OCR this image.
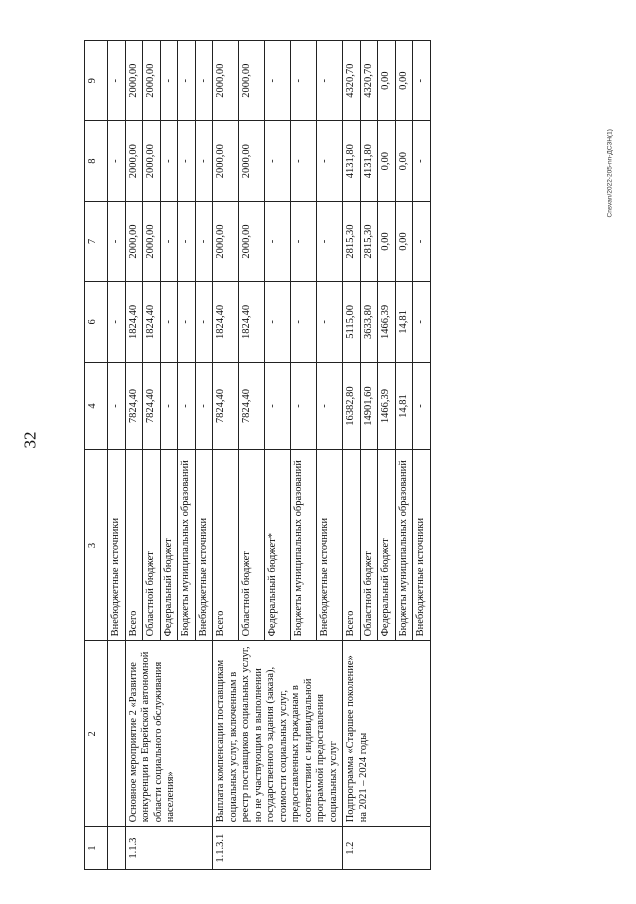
32
Cnsvan/2022-205-nn-ДСЗН(1)
1	2	3	4	6	7	8	9
		Внебюджетные источники	-	-	-	-	-
1.1.3	Основное мероприятие 2 «Развитие конкуренции в Еврейской автономной области социального обслуживания населения»	Всего	7824,40	1824,40	2000,00	2000,00	2000,00
		Областной бюджет	7824,40	1824,40	2000,00	2000,00	2000,00
		Федеральный бюджет	-	-	-	-	-
		Бюджеты муниципальных образований	-	-	-	-	-
		Внебюджетные источники	-	-	-	-	-
1.1.3.1	Выплата компенсации поставщикам социальных услуг, включенным в реестр поставщиков социальных услуг, но не участвующим в выполнении государственного задания (заказа), стоимости социальных услуг, предоставленных гражданам в соответствии с индивидуальной программой предоставления социальных услуг	Всего	7824,40	1824,40	2000,00	2000,00	2000,00
		Областной бюджет	7824,40	1824,40	2000,00	2000,00	2000,00
		Федеральный бюджет*	-	-	-	-	-
		Бюджеты муниципальных образований	-	-	-	-	-
		Внебюджетные источники	-	-	-	-	-
1.2	Подпрограмма «Старшее поколение» на 2021 – 2024 годы	Всего	16382,80	5115,00	2815,30	4131,80	4320,70
		Областной бюджет	14901,60	3633,80	2815,30	4131,80	4320,70
		Федеральный бюджет	1466,39	1466,39	0,00	0,00	0,00
		Бюджеты муниципальных образований	14,81	14,81	0,00	0,00	0,00
		Внебюджетные источники	-	-	-	-	-
